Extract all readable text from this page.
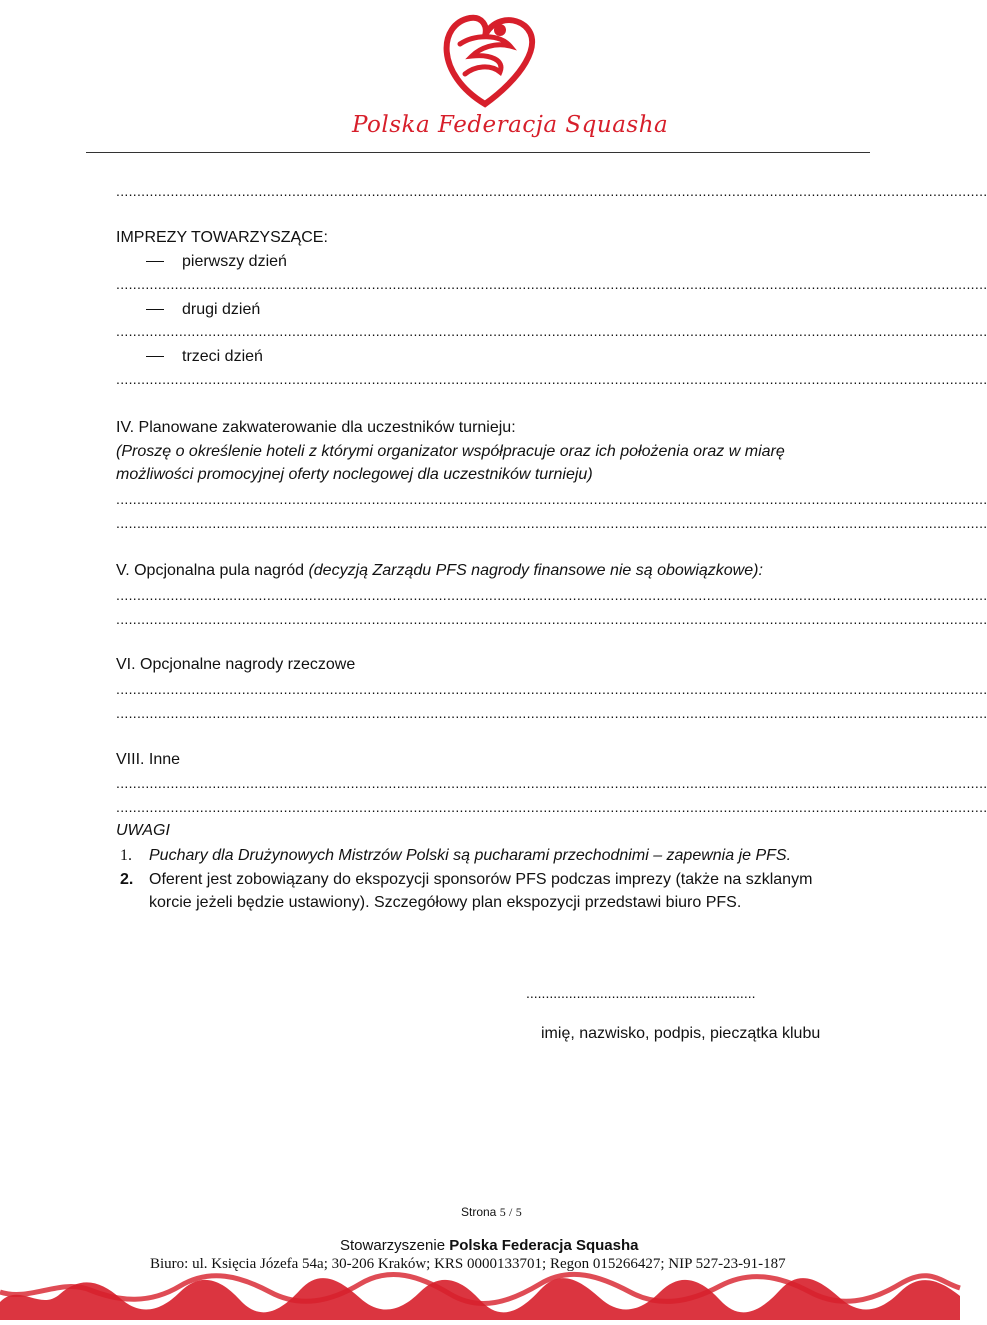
Polska Federacja Squasha
................................................................................................................................................................................................................
IMPREZY TOWARZYSZĄCE:
pierwszy dzień
................................................................................................................................................................................................................
drugi dzień
................................................................................................................................................................................................................
trzeci dzień
................................................................................................................................................................................................................
IV. Planowane zakwaterowanie dla uczestników turnieju:
(Proszę o określenie hoteli z którymi organizator współpracuje oraz ich położenia oraz w miarę
możliwości promocyjnej oferty noclegowej dla uczestników turnieju)
................................................................................................................................................................................................................
................................................................................................................................................................................................................
V. Opcjonalna pula nagród (decyzją Zarządu PFS nagrody finansowe nie są obowiązkowe):
................................................................................................................................................................................................................
................................................................................................................................................................................................................
VI. Opcjonalne nagrody rzeczowe
................................................................................................................................................................................................................
................................................................................................................................................................................................................
VIII. Inne
................................................................................................................................................................................................................
................................................................................................................................................................................................................
UWAGI
1. Puchary dla Drużynowych Mistrzów Polski są pucharami przechodnimi – zapewnia je PFS.
2. Oferent jest zobowiązany do ekspozycji sponsorów PFS podczas imprezy (także na szklanym
korcie jeżeli będzie ustawiony). Szczegółowy plan ekspozycji przedstawi biuro PFS.
...........................................................
imię, nazwisko, podpis, pieczątka klubu
Strona 5 / 5
Stowarzyszenie Polska Federacja Squasha
Biuro: ul. Księcia Józefa 54a; 30-206 Kraków; KRS 0000133701; Regon 015266427; NIP 527-23-91-187
